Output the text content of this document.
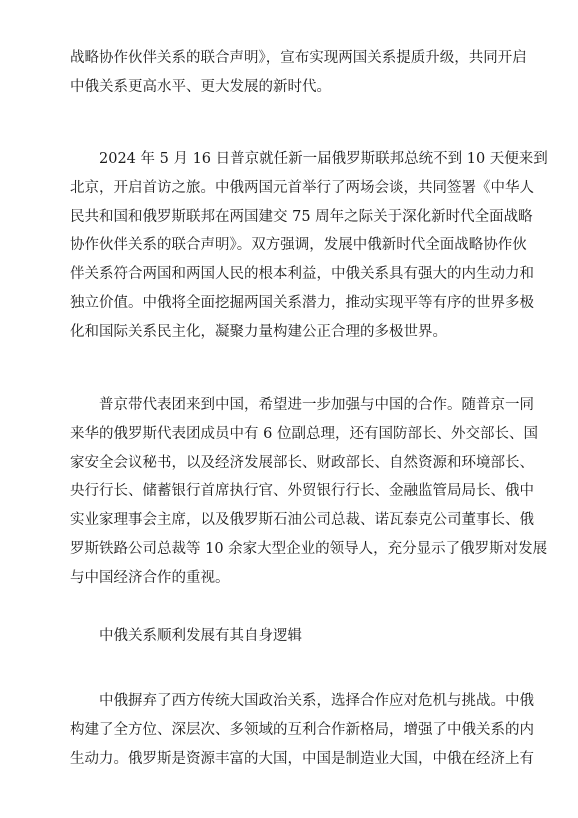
战略协作伙伴关系的联合声明》，宣布实现两国关系提质升级，共同开启
中俄关系更高水平、更大发展的新时代。
2024 年 5 月 16 日普京就任新一届俄罗斯联邦总统不到 10 天便来到
北京，开启首访之旅。中俄两国元首举行了两场会谈，共同签署《中华人
民共和国和俄罗斯联邦在两国建交 75 周年之际关于深化新时代全面战略
协作伙伴关系的联合声明》。双方强调，发展中俄新时代全面战略协作伙
伴关系符合两国和两国人民的根本利益，中俄关系具有强大的内生动力和
独立价值。中俄将全面挖掘两国关系潜力，推动实现平等有序的世界多极
化和国际关系民主化，凝聚力量构建公正合理的多极世界。
普京带代表团来到中国，希望进一步加强与中国的合作。随普京一同
来华的俄罗斯代表团成员中有 6 位副总理，还有国防部长、外交部长、国
家安全会议秘书，以及经济发展部长、财政部长、自然资源和环境部长、
央行行长、储蓄银行首席执行官、外贸银行行长、金融监管局局长、俄中
实业家理事会主席，以及俄罗斯石油公司总裁、诺瓦泰克公司董事长、俄
罗斯铁路公司总裁等 10 余家大型企业的领导人，充分显示了俄罗斯对发展
与中国经济合作的重视。
中俄关系顺利发展有其自身逻辑
中俄摒弃了西方传统大国政治关系，选择合作应对危机与挑战。中俄
构建了全方位、深层次、多领域的互利合作新格局，增强了中俄关系的内
生动力。俄罗斯是资源丰富的大国，中国是制造业大国，中俄在经济上有
